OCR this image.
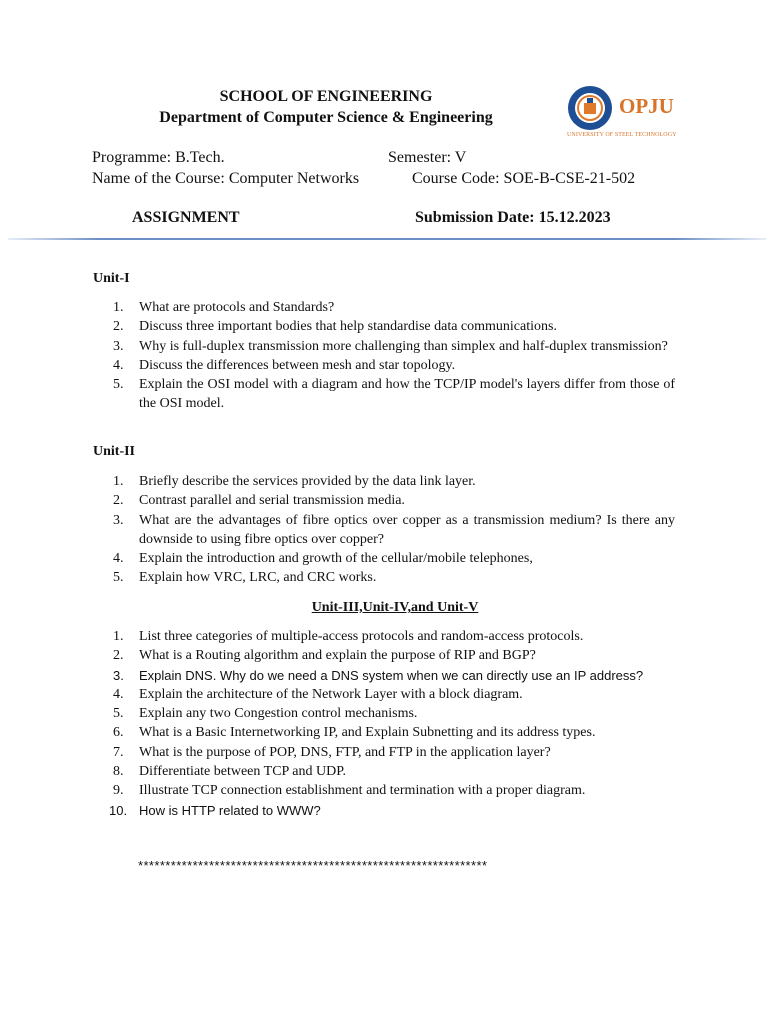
SCHOOL OF ENGINEERING
Department of Computer Science & Engineering	OPJU
UNIVERSITY OF STEEL TECHNOLOGY
Programme: B.Tech.	Semester: V
Name of the Course: Computer Networks	Course Code: SOE-B-CSE-21-502
ASSIGNMENT	Submission Date: 15.12.2023
Unit-I
1. What are protocols and Standards?
2. Discuss three important bodies that help standardise data communications.
3. Why is full-duplex transmission more challenging than simplex and half-duplex transmission?
4. Discuss the differences between mesh and star topology.
5. Explain the OSI model with a diagram and how the TCP/IP model's layers differ from those of the OSI model.
Unit-II
1. Briefly describe the services provided by the data link layer.
2. Contrast parallel and serial transmission media.
3. What are the advantages of fibre optics over copper as a transmission medium? Is there any downside to using fibre optics over copper?
4. Explain the introduction and growth of the cellular/mobile telephones,
5. Explain how VRC, LRC, and CRC works.
Unit-III,Unit-IV,and Unit-V
1. List three categories of multiple-access protocols and random-access protocols.
2. What is a Routing algorithm and explain the purpose of RIP and BGP?
3. Explain DNS. Why do we need a DNS system when we can directly use an IP address?
4. Explain the architecture of the Network Layer with a block diagram.
5. Explain any two Congestion control mechanisms.
6. What is a Basic Internetworking IP, and Explain Subnetting and its address types.
7. What is the purpose of POP, DNS, FTP, and FTP in the application layer?
8. Differentiate between TCP and UDP.
9. Illustrate TCP connection establishment and termination with a proper diagram.
10. How is HTTP related to WWW?
****************************************************************
